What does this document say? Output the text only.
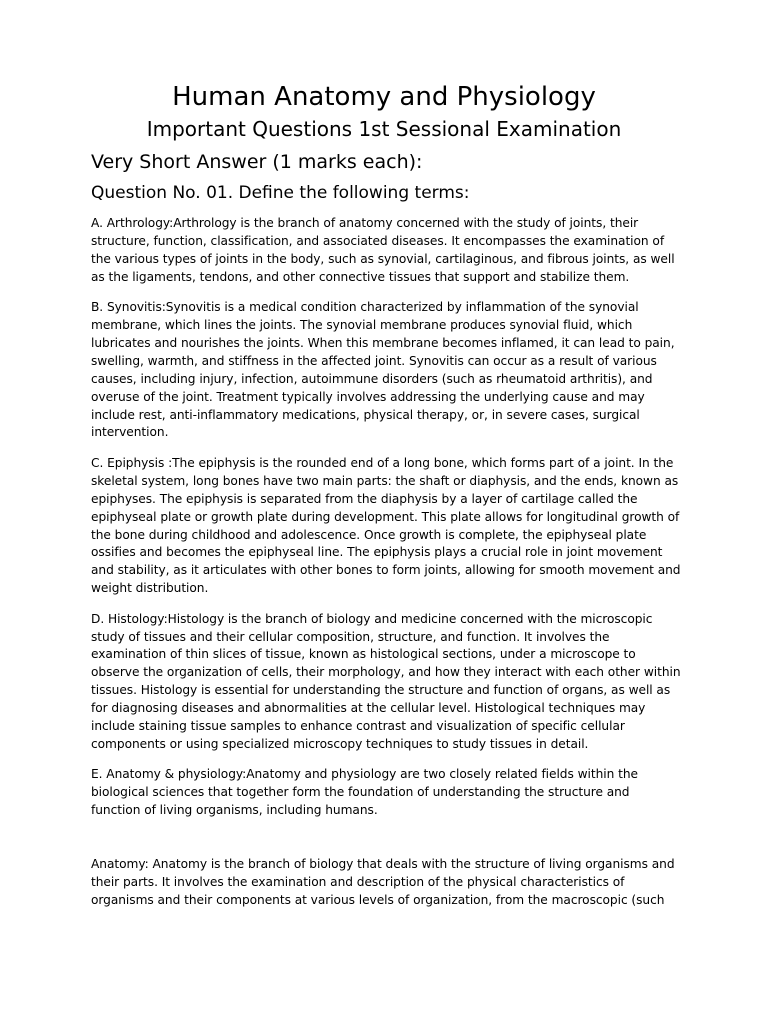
Human Anatomy and Physiology
Important Questions 1st Sessional Examination
Very Short Answer (1 marks each):
Question No. 01. Define the following terms:

A. Arthrology:Arthrology is the branch of anatomy concerned with the study of joints, their structure, function, classification, and associated diseases. It encompasses the examination of the various types of joints in the body, such as synovial, cartilaginous, and fibrous joints, as well as the ligaments, tendons, and other connective tissues that support and stabilize them.

B. Synovitis:Synovitis is a medical condition characterized by inflammation of the synovial membrane, which lines the joints. The synovial membrane produces synovial fluid, which lubricates and nourishes the joints. When this membrane becomes inflamed, it can lead to pain, swelling, warmth, and stiffness in the affected joint. Synovitis can occur as a result of various causes, including injury, infection, autoimmune disorders (such as rheumatoid arthritis), and overuse of the joint. Treatment typically involves addressing the underlying cause and may include rest, anti-inflammatory medications, physical therapy, or, in severe cases, surgical intervention.

C. Epiphysis :The epiphysis is the rounded end of a long bone, which forms part of a joint. In the skeletal system, long bones have two main parts: the shaft or diaphysis, and the ends, known as epiphyses. The epiphysis is separated from the diaphysis by a layer of cartilage called the epiphyseal plate or growth plate during development. This plate allows for longitudinal growth of the bone during childhood and adolescence. Once growth is complete, the epiphyseal plate ossifies and becomes the epiphyseal line. The epiphysis plays a crucial role in joint movement and stability, as it articulates with other bones to form joints, allowing for smooth movement and weight distribution.

D. Histology:Histology is the branch of biology and medicine concerned with the microscopic study of tissues and their cellular composition, structure, and function. It involves the examination of thin slices of tissue, known as histological sections, under a microscope to observe the organization of cells, their morphology, and how they interact with each other within tissues. Histology is essential for understanding the structure and function of organs, as well as for diagnosing diseases and abnormalities at the cellular level. Histological techniques may include staining tissue samples to enhance contrast and visualization of specific cellular components or using specialized microscopy techniques to study tissues in detail.

E. Anatomy & physiology:Anatomy and physiology are two closely related fields within the biological sciences that together form the foundation of understanding the structure and function of living organisms, including humans.

Anatomy: Anatomy is the branch of biology that deals with the structure of living organisms and their parts. It involves the examination and description of the physical characteristics of organisms and their components at various levels of organization, from the macroscopic (such
